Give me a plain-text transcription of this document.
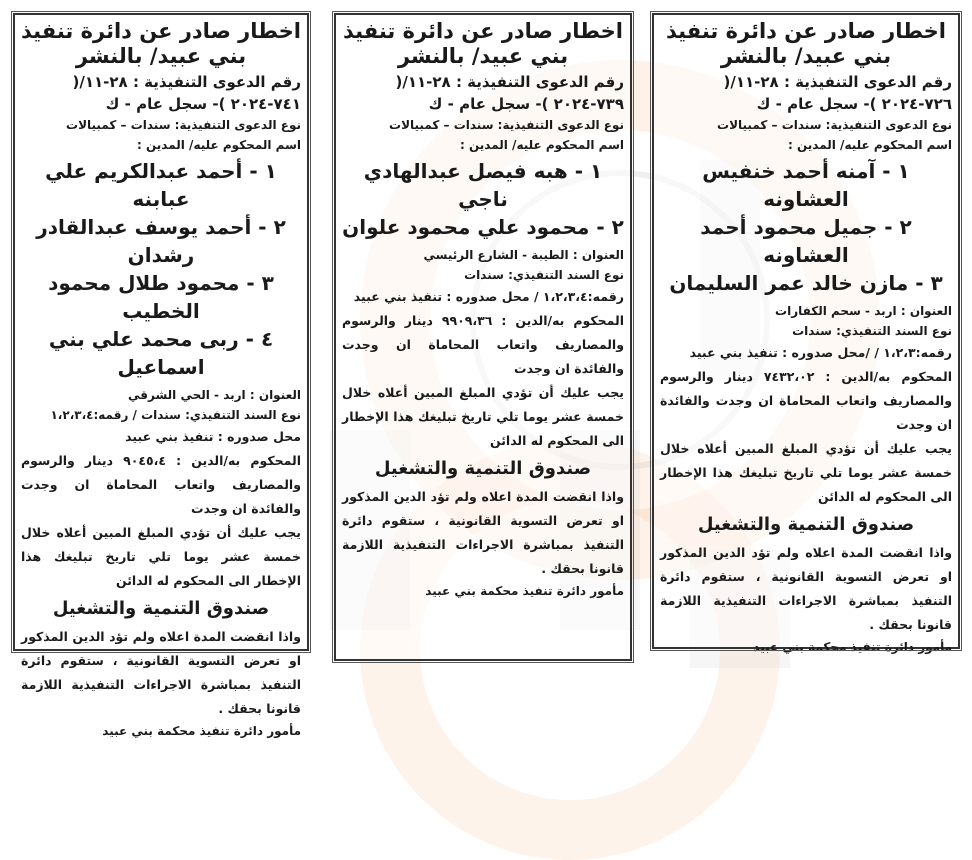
اخطار صادر عن دائرة تنفيذ بني عبيد/ بالنشر
رقم الدعوى التنفيذية : ٢٨-١١/( ٧٢٦-٢٠٢٤ )- سجل عام - ك
نوع الدعوى التنفيذية: سندات – كمبيالات
اسم المحكوم عليه/ المدين :
١ - آمنه أحمد خنفيس العشاونه
٢ - جميل محمود أحمد العشاونه
٣ - مازن خالد عمر السليمان
العنوان : اربد - سحم الكفارات
نوع السند التنفيذي: سندات
رقمه:١،٢،٣ / /محل صدوره : تنفيذ بني عبيد
المحكوم به/الدين : ٧٤٣٢،٠٢ دينار والرسوم والمصاريف واتعاب المحاماة ان وجدت والفائدة ان وجدت
يجب عليك أن تؤدي المبلغ المبين أعلاه خلال خمسة عشر يوما تلي تاريخ تبليغك هذا الإخطار الى المحكوم له الدائن
صندوق التنمية والتشغيل
واذا انقضت المدة اعلاه ولم تؤد الدين المذكور او تعرض التسوية القانونية ، ستقوم دائرة التنفيذ بمباشرة الاجراءات التنفيذية اللازمة قانونا بحقك .
مأمور دائرة تنفيذ محكمة بني عبيد
اخطار صادر عن دائرة تنفيذ بني عبيد/ بالنشر
رقم الدعوى التنفيذية : ٢٨-١١/( ٧٣٩-٢٠٢٤ )- سجل عام - ك
نوع الدعوى التنفيذية: سندات – كمبيالات
اسم المحكوم عليه/ المدين :
١ - هبه فيصل عبدالهادي ناجي
٢ - محمود علي محمود علوان
العنوان : الطيبة - الشارع الرئيسي
نوع السند التنفيذي: سندات
رقمه:١،٢،٣،٤ / محل صدوره : تنفيذ بني عبيد
المحكوم به/الدين : ٩٩٠٩،٣٦ دينار والرسوم والمصاريف واتعاب المحاماة ان وجدت والفائدة ان وجدت
يجب عليك أن تؤدي المبلغ المبين أعلاه خلال خمسة عشر يوما تلي تاريخ تبليغك هذا الإخطار الى المحكوم له الدائن
صندوق التنمية والتشغيل
واذا انقضت المدة اعلاه ولم تؤد الدين المذكور او تعرض التسوية القانونية ، ستقوم دائرة التنفيذ بمباشرة الاجراءات التنفيذية اللازمة قانونا بحقك .
مأمور دائرة تنفيذ محكمة بني عبيد
اخطار صادر عن دائرة تنفيذ بني عبيد/ بالنشر
رقم الدعوى التنفيذية : ٢٨-١١/( ٧٤١-٢٠٢٤ )- سجل عام - ك
نوع الدعوى التنفيذية: سندات – كمبيالات
اسم المحكوم عليه/ المدين :
١ - أحمد عبدالكريم علي عبابنه
٢ - أحمد يوسف عبدالقادر رشدان
٣ - محمود طلال محمود الخطيب
٤ - ربى محمد علي بني اسماعيل
العنوان : اربد - الحي الشرقي
نوع السند التنفيذي: سندات / رقمه:١،٢،٣،٤
محل صدوره : تنفيذ بني عبيد
المحكوم به/الدين : ٩٠٤٥،٤ دينار والرسوم والمصاريف واتعاب المحاماة ان وجدت والفائدة ان وجدت
يجب عليك أن تؤدي المبلغ المبين أعلاه خلال خمسة عشر يوما تلي تاريخ تبليغك هذا الإخطار الى المحكوم له الدائن
صندوق التنمية والتشغيل
واذا انقضت المدة اعلاه ولم تؤد الدين المذكور او تعرض التسوية القانونية ، ستقوم دائرة التنفيذ بمباشرة الاجراءات التنفيذية اللازمة قانونا بحقك .
مأمور دائرة تنفيذ محكمة بني عبيد
